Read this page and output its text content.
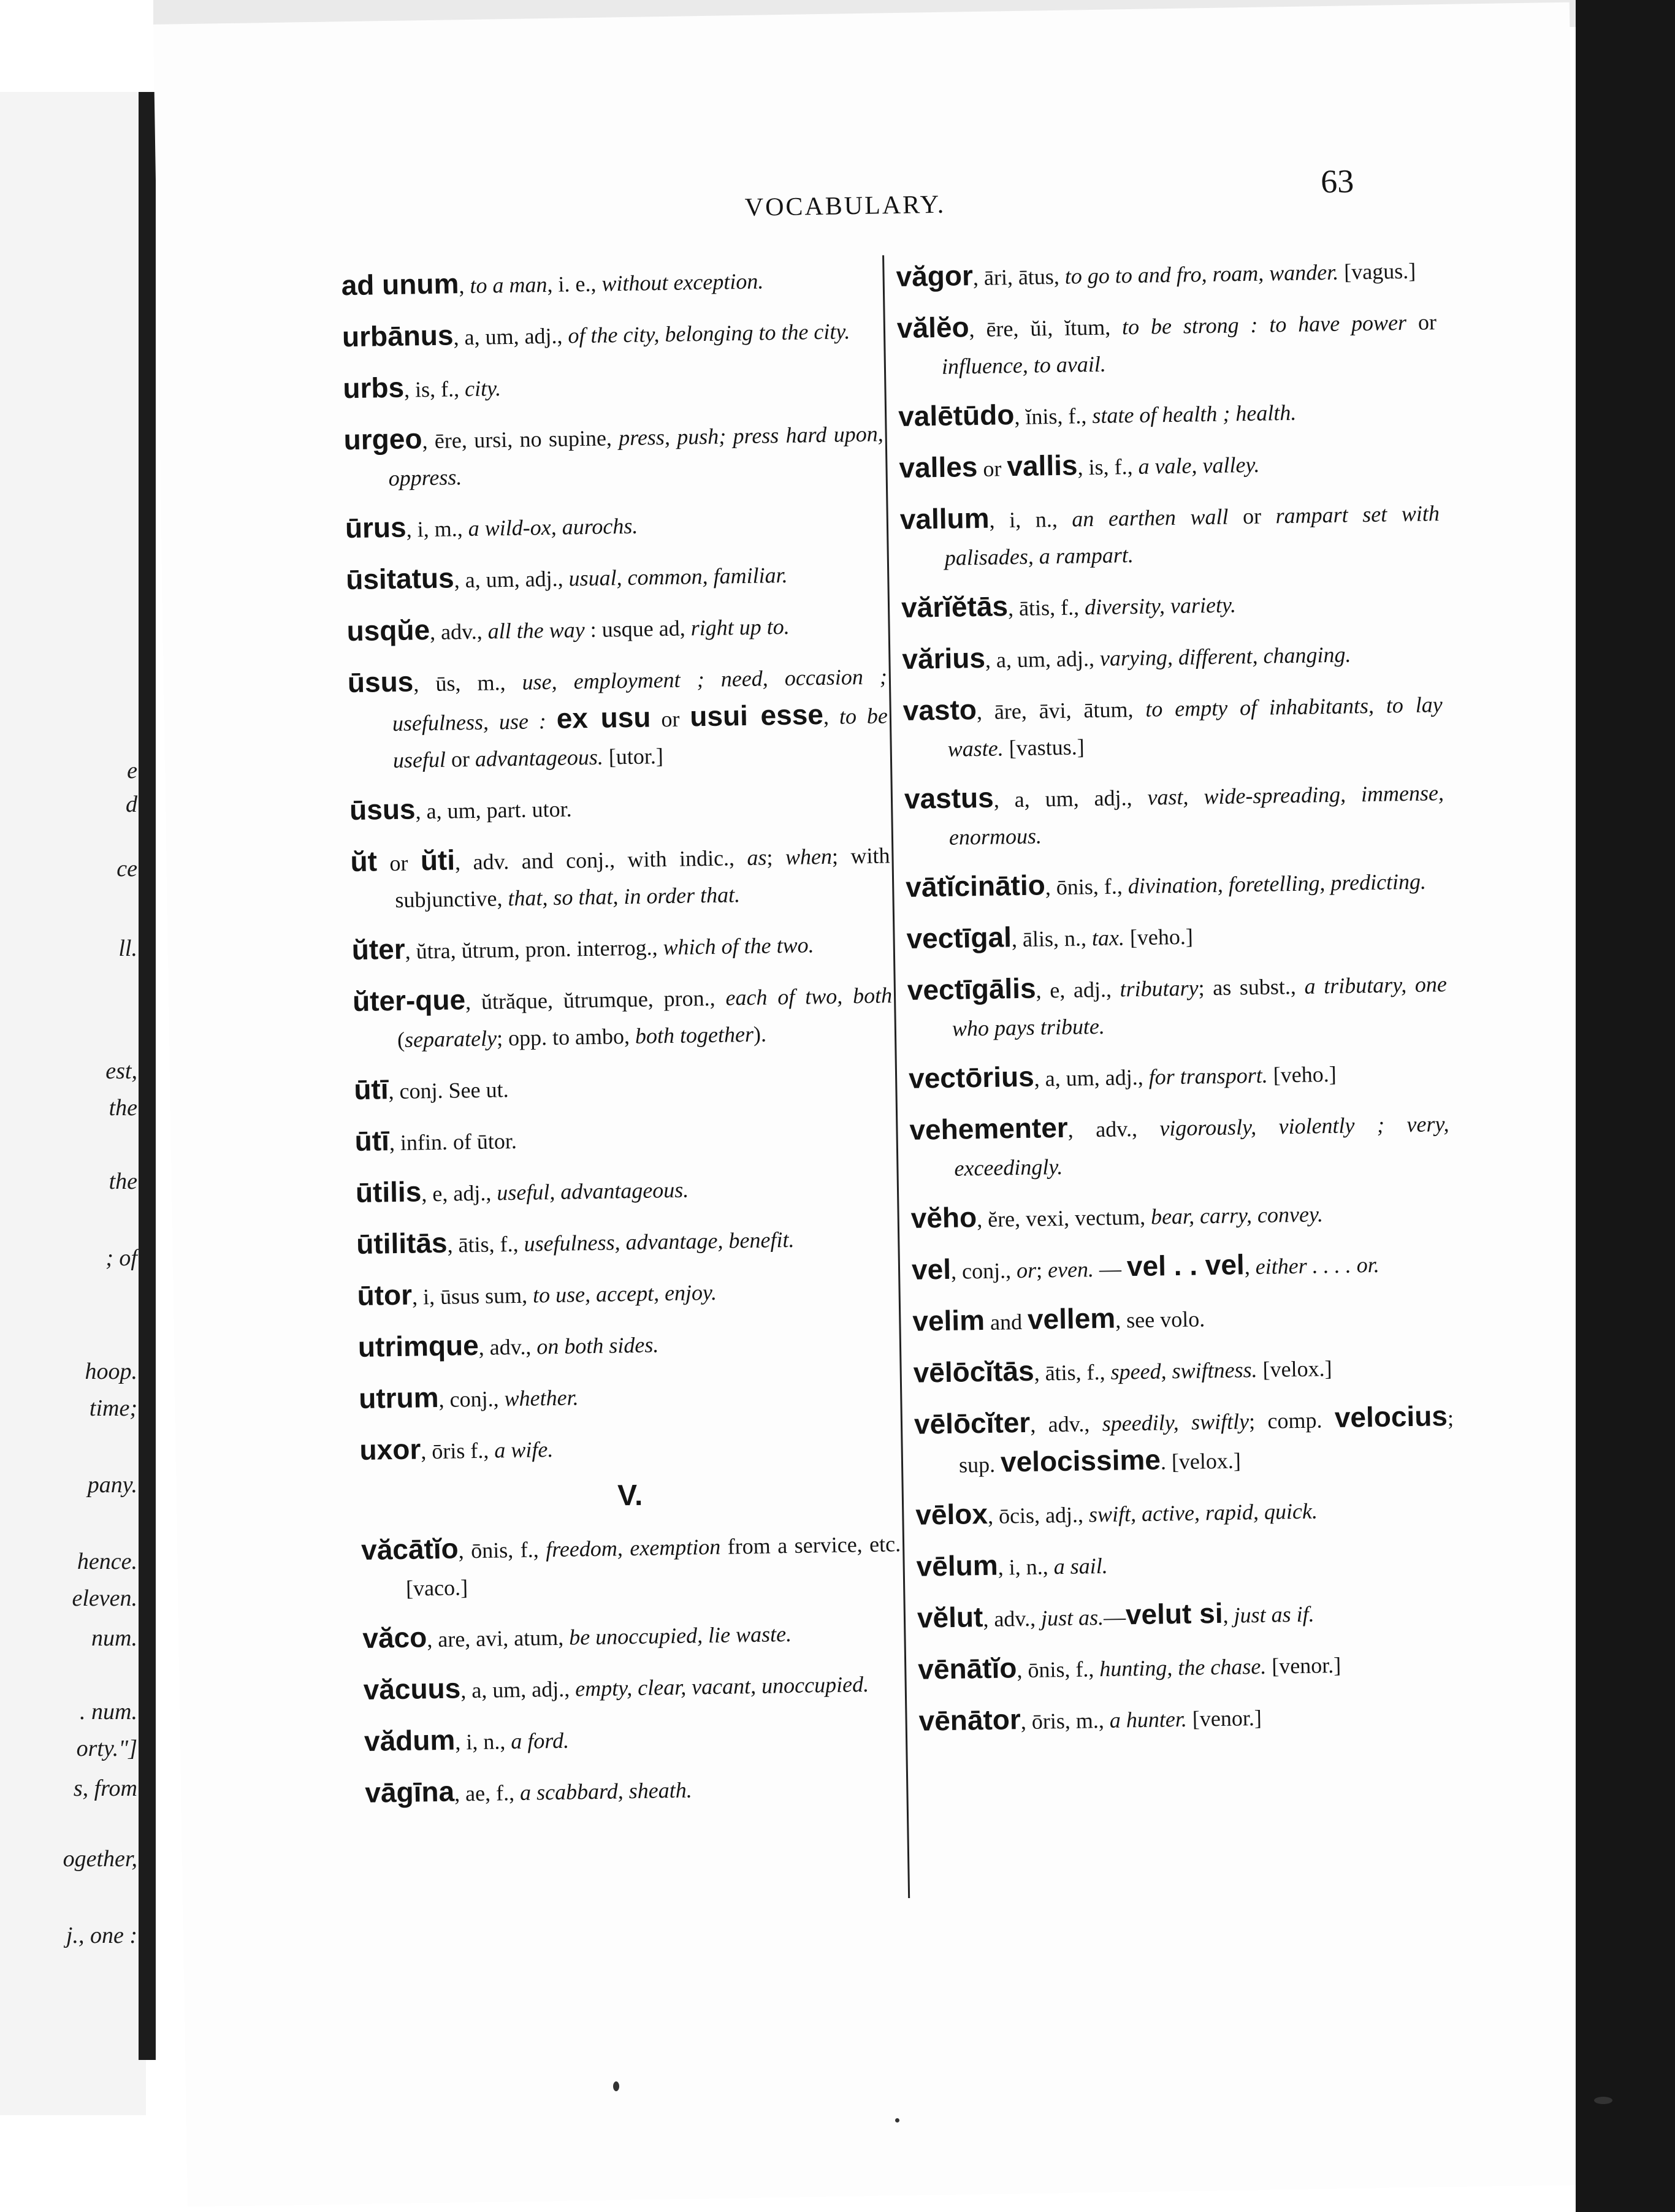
e
d
ce
ll.
est,
the
the
; of
hoop.
time;
pany.
hence.
eleven.
num.
. num.
orty."]
s, from
ogether,
j., one :
VOCABULARY.
63
ad unum, to a man, i. e., without exception.
urbānus, a, um, adj., of the city, belonging to the city.
urbs, is, f., city.
urgeo, ēre, ursi, no supine, press, push; press hard upon, oppress.
ūrus, i, m., a wild-ox, aurochs.
ūsitatus, a, um, adj., usual, common, familiar.
usqŭe, adv., all the way : usque ad, right up to.
ūsus, ūs, m., use, employment ; need, occasion ; usefulness, use : ex usu or usui esse, to be useful or advantageous. [utor.]
ūsus, a, um, part. utor.
ŭt or ŭti, adv. and conj., with indic., as; when; with subjunctive, that, so that, in order that.
ŭter, ŭtra, ŭtrum, pron. interrog., which of the two.
ŭter-que, ŭtrăque, ŭtrumque, pron., each of two, both (separately; opp. to ambo, both together).
ūtī, conj. See ut.
ūtī, infin. of ūtor.
ūtilis, e, adj., useful, advantageous.
ūtilitās, ātis, f., usefulness, advantage, benefit.
ūtor, i, ūsus sum, to use, accept, enjoy.
utrimque, adv., on both sides.
utrum, conj., whether.
uxor, ōris f., a wife.
V.
văcātĭo, ōnis, f., freedom, exemption from a service, etc. [vaco.]
văco, are, avi, atum, be unoccupied, lie waste.
văcuus, a, um, adj., empty, clear, vacant, unoccupied.
vădum, i, n., a ford.
vāgīna, ae, f., a scabbard, sheath.
văgor, āri, ātus, to go to and fro, roam, wander. [vagus.]
vălĕo, ēre, ŭi, ĭtum, to be strong : to have power or influence, to avail.
valētūdo, ĭnis, f., state of health ; health.
valles or vallis, is, f., a vale, valley.
vallum, i, n., an earthen wall or rampart set with palisades, a rampart.
vărĭĕtās, ātis, f., diversity, variety.
vărius, a, um, adj., varying, different, changing.
vasto, āre, āvi, ātum, to empty of inhabitants, to lay waste. [vastus.]
vastus, a, um, adj., vast, wide-spreading, immense, enormous.
vātĭcinātio, ōnis, f., divination, foretelling, predicting.
vectīgal, ālis, n., tax. [veho.]
vectīgālis, e, adj., tributary; as subst., a tributary, one who pays tribute.
vectōrius, a, um, adj., for transport. [veho.]
vehementer, adv., vigorously, violently ; very, exceedingly.
vĕho, ĕre, vexi, vectum, bear, carry, convey.
vel, conj., or; even. — vel . . vel, either . . . . or.
velim and vellem, see volo.
vēlōcĭtās, ātis, f., speed, swiftness. [velox.]
vēlōcĭter, adv., speedily, swiftly; comp. velocius; sup. velocissime. [velox.]
vēlox, ōcis, adj., swift, active, rapid, quick.
vēlum, i, n., a sail.
vĕlut, adv., just as.—velut si, just as if.
vēnātĭo, ōnis, f., hunting, the chase. [venor.]
vēnātor, ōris, m., a hunter. [venor.]
